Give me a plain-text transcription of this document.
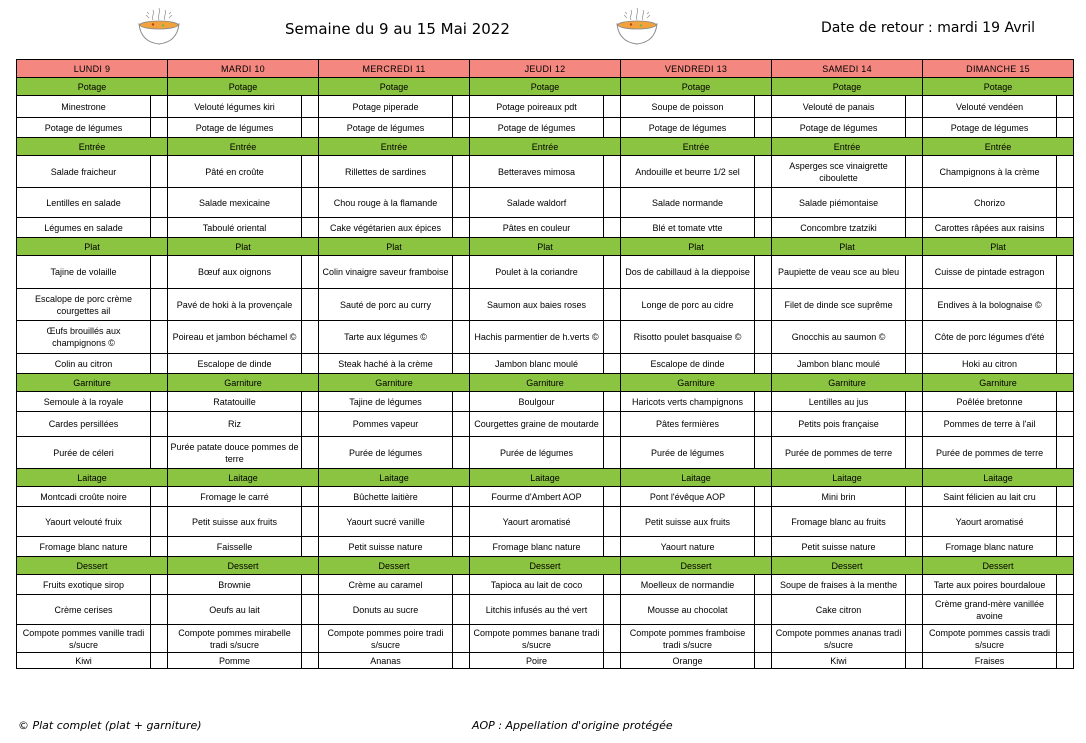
Semaine du 9 au 15 Mai 2022	Date de retour : mardi 19 Avril
LUNDI 9		MARDI 10		MERCREDI 11		JEUDI 12		VENDREDI 13		SAMEDI 14		DIMANCHE 15	
Potage		Potage		Potage		Potage		Potage		Potage		Potage	
Minestrone		Velouté légumes kiri		Potage piperade		Potage poireaux pdt		Soupe de poisson		Velouté de panais		Velouté vendéen	
Potage de légumes		Potage de légumes		Potage de légumes		Potage de légumes		Potage de légumes		Potage de légumes		Potage de légumes	
Entrée		Entrée		Entrée		Entrée		Entrée		Entrée		Entrée	
Salade fraicheur		Pâté en croûte		Rillettes de sardines		Betteraves mimosa		Andouille et beurre 1/2 sel		Asperges sce vinaigrette ciboulette		Champignons à la crème	
Lentilles en salade		Salade mexicaine		Chou rouge à la flamande		Salade waldorf		Salade normande		Salade piémontaise		Chorizo	
Légumes en salade		Taboulé oriental		Cake végétarien aux épices		Pâtes en couleur		Blé et tomate vtte		Concombre tzatziki		Carottes râpées aux raisins	
Plat		Plat		Plat		Plat		Plat		Plat		Plat	
Tajine de volaille		Bœuf aux oignons		Colin vinaigre saveur framboise		Poulet à la coriandre		Dos de cabillaud à la dieppoise		Paupiette de veau sce au bleu		Cuisse de pintade estragon	
Escalope de porc crème courgettes ail		Pavé de hoki à la provençale		Sauté de porc au curry		Saumon aux baies roses		Longe de porc au cidre		Filet de dinde sce suprême		Endives à la bolognaise ©	
Œufs brouillés aux champignons ©		Poireau et jambon béchamel ©		Tarte aux légumes ©		Hachis parmentier de h.verts ©		Risotto poulet basquaise ©		Gnocchis au saumon ©		Côte de porc légumes d'été	
Colin au citron		Escalope de dinde		Steak haché à la crème		Jambon blanc moulé		Escalope de dinde		Jambon blanc moulé		Hoki au citron	
Garniture		Garniture		Garniture		Garniture		Garniture		Garniture		Garniture	
Semoule à la royale		Ratatouille		Tajine de légumes		Boulgour		Haricots verts champignons		Lentilles au jus		Poêlée bretonne	
Cardes persillées		Riz		Pommes vapeur		Courgettes graine de moutarde		Pâtes fermières		Petits pois française		Pommes de terre à l'ail	
Purée de céleri		Purée patate douce pommes de terre		Purée de légumes		Purée de légumes		Purée de légumes		Purée de pommes de terre		Purée de pommes de terre	
Laitage		Laitage		Laitage		Laitage		Laitage		Laitage		Laitage	
Montcadi croûte noire		Fromage le carré		Bûchette laitière		Fourme d'Ambert AOP		Pont l'évêque AOP		Mini brin		Saint félicien au lait cru	
Yaourt velouté fruix		Petit suisse aux fruits		Yaourt sucré vanille		Yaourt aromatisé		Petit suisse aux fruits		Fromage blanc au fruits		Yaourt aromatisé	
Fromage blanc nature		Faisselle		Petit suisse nature		Fromage blanc nature		Yaourt nature		Petit suisse nature		Fromage blanc nature	
Dessert		Dessert		Dessert		Dessert		Dessert		Dessert		Dessert	
Fruits exotique sirop		Brownie		Crème au caramel		Tapioca au lait de coco		Moelleux de normandie		Soupe de fraises à la menthe		Tarte aux poires bourdaloue	
Crème cerises		Oeufs au lait		Donuts au sucre		Litchis infusés au thé vert		Mousse au chocolat		Cake citron		Crème grand-mère vanillée avoine	
Compote pommes vanille tradi s/sucre		Compote pommes mirabelle tradi s/sucre		Compote pommes poire tradi s/sucre		Compote pommes banane tradi s/sucre		Compote pommes framboise tradi s/sucre		Compote pommes ananas tradi s/sucre		Compote pommes cassis tradi s/sucre	
Kiwi		Pomme		Ananas		Poire		Orange		Kiwi		Fraises	
© Plat complet (plat + garniture)	AOP : Appellation d'origine protégée
